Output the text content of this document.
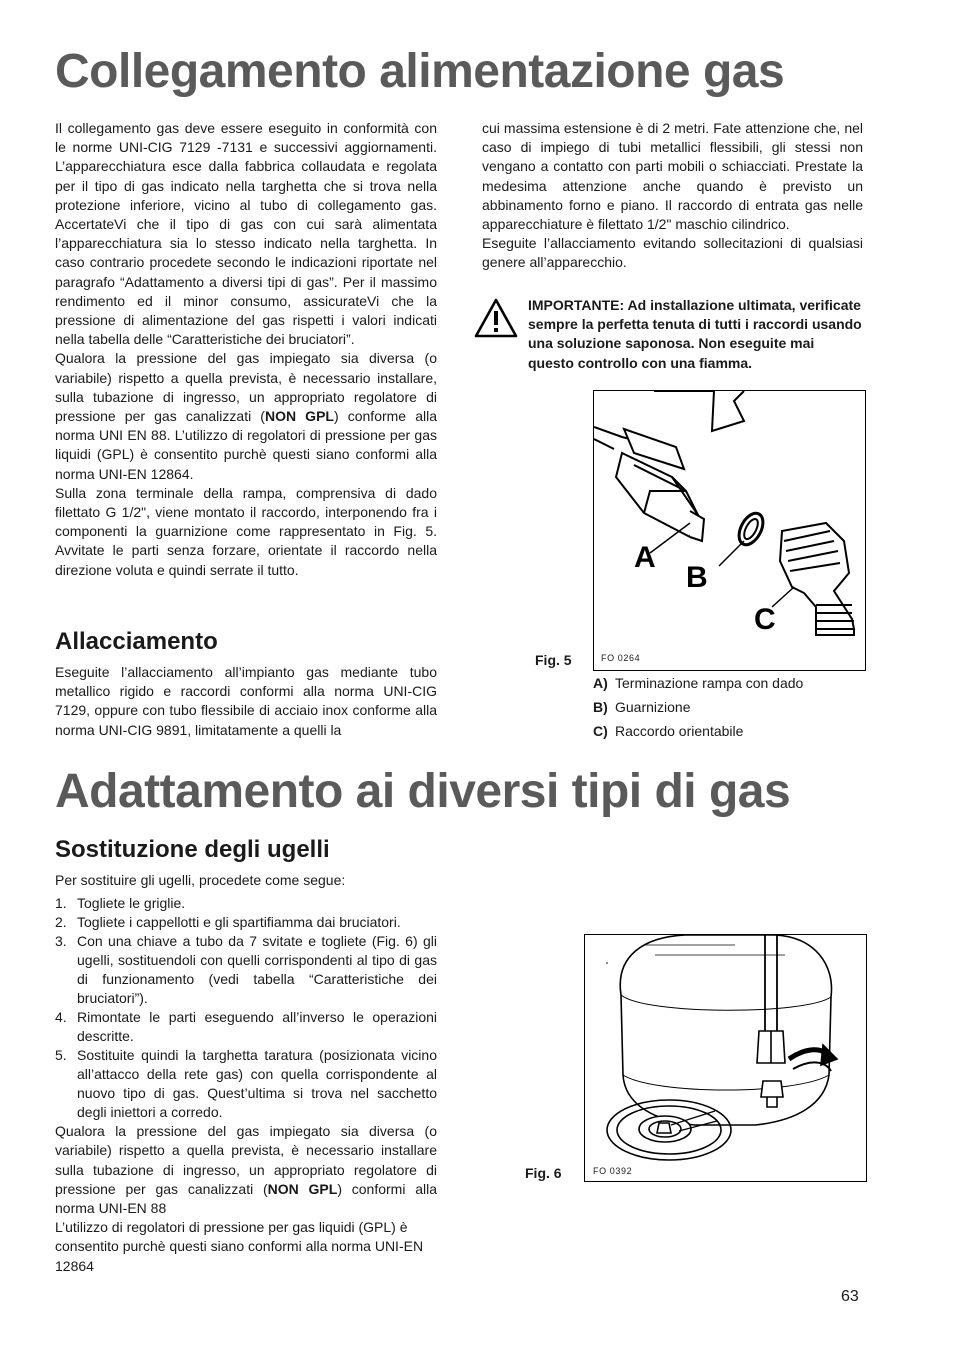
Collegamento alimentazione gas

Il collegamento gas deve essere eseguito in conformità con le norme UNI-CIG 7129 -7131 e successivi aggiornamenti. L’apparecchiatura esce dalla fabbrica collaudata e regolata per il tipo di gas indicato nella targhetta che si trova nella protezione inferiore, vicino al tubo di collegamento gas. AccertateVi che il tipo di gas con cui sarà alimentata l’apparecchiatura sia lo stesso indicato nella targhetta. In caso contrario procedete secondo le indicazioni riportate nel paragrafo “Adattamento a diversi tipi di gas”. Per il massimo rendimento ed il minor consumo, assicurateVi che la pressione di alimentazione del gas rispetti i valori indicati nella tabella delle “Caratteristiche dei bruciatori”.

Qualora la pressione del gas impiegato sia diversa (o variabile) rispetto a quella prevista, è necessario installare, sulla tubazione di ingresso, un appropriato regolatore di pressione per gas canalizzati (NON GPL) conforme alla norma UNI EN 88. L’utilizzo di regolatori di pressione per gas liquidi (GPL) è consentito purchè questi siano conformi alla norma UNI-EN 12864.

Sulla zona terminale della rampa, comprensiva di dado filettato G 1/2", viene montato il raccordo, interponendo fra i componenti la guarnizione come rappresentato in Fig. 5. Avvitate le parti senza forzare, orientate il raccordo nella direzione voluta e quindi serrate il tutto.

Allacciamento

Eseguite l’allacciamento all’impianto gas mediante tubo metallico rigido e raccordi conformi alla norma UNI-CIG 7129, oppure con tubo flessibile di acciaio inox conforme alla norma UNI-CIG 9891, limitatamente a quelli la

cui massima estensione è di 2 metri. Fate attenzione che, nel caso di impiego di tubi metallici flessibili, gli stessi non vengano a contatto con parti mobili o schiacciati. Prestate la medesima attenzione anche quando è previsto un abbinamento forno e piano. Il raccordo di entrata gas nelle apparecchiature è filettato 1/2" maschio cilindrico.

Eseguite l’allacciamento evitando sollecitazioni di qualsiasi genere all’apparecchio.

IMPORTANTE: Ad installazione ultimata, verificate sempre la perfetta tenuta di tutti i raccordi usando una soluzione saponosa. Non eseguite mai questo controllo con una fiamma.

A
B
C
FO 0264
Fig. 5
A) Terminazione rampa con dado
B) Guarnizione
C) Raccordo orientabile
Adattamento ai diversi tipi di gas
Sostituzione degli ugelli

Per sostituire gli ugelli, procedete come segue:

1. Togliete le griglie.
2. Togliete i cappellotti e gli spartifiamma dai bruciatori.
3. Con una chiave a tubo da 7 svitate e togliete (Fig. 6) gli ugelli, sostituendoli con quelli corrispondenti al tipo di gas di funzionamento (vedi tabella “Caratteristiche dei bruciatori”).
4. Rimontate le parti eseguendo all’inverso le operazioni descritte.
5. Sostituite quindi la targhetta taratura (posizionata vicino all’attacco della rete gas) con quella corrispondente al nuovo tipo di gas. Quest’ultima si trova nel sacchetto degli iniettori a corredo.

Qualora la pressione del gas impiegato sia diversa (o variabile) rispetto a quella prevista, è necessario installare sulla tubazione di ingresso, un appropriato regolatore di pressione per gas canalizzati (NON GPL) conformi alla norma UNI-EN 88

L’utilizzo di regolatori di pressione per gas liquidi (GPL) è consentito purchè questi siano conformi alla norma UNI-EN 12864

FO 0392
Fig. 6
63
